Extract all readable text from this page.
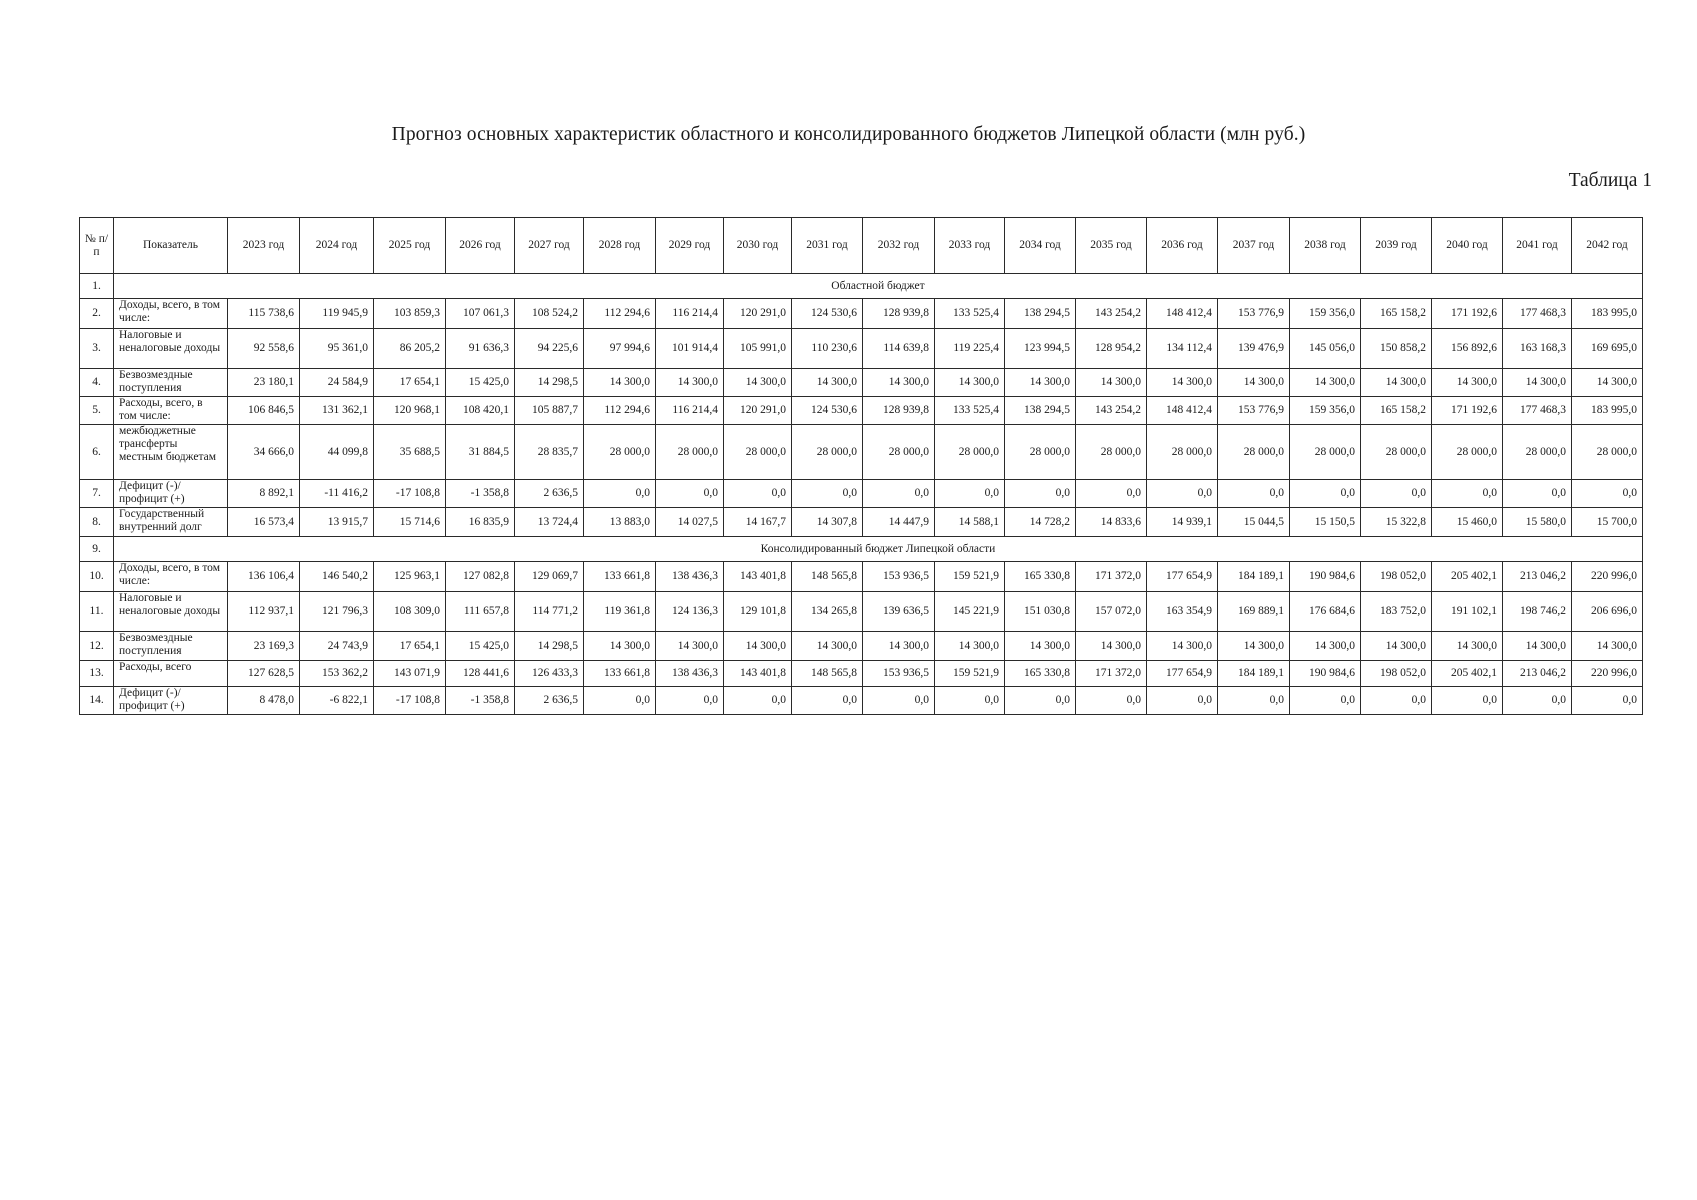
Прогноз основных характеристик областного и консолидированного бюджетов Липецкой области (млн руб.)
Таблица 1
№ п/п	Показатель	2023 год	2024 год	2025 год	2026 год	2027 год	2028 год	2029 год	2030 год	2031 год	2032 год	2033 год	2034 год	2035 год	2036 год	2037 год	2038 год	2039 год	2040 год	2041 год	2042 год
1.	Областной бюджет																				
2.	Доходы, всего, в том числе:	115 738,6	119 945,9	103 859,3	107 061,3	108 524,2	112 294,6	116 214,4	120 291,0	124 530,6	128 939,8	133 525,4	138 294,5	143 254,2	148 412,4	153 776,9	159 356,0	165 158,2	171 192,6	177 468,3	183 995,0
3.	Налоговые и неналоговые доходы	92 558,6	95 361,0	86 205,2	91 636,3	94 225,6	97 994,6	101 914,4	105 991,0	110 230,6	114 639,8	119 225,4	123 994,5	128 954,2	134 112,4	139 476,9	145 056,0	150 858,2	156 892,6	163 168,3	169 695,0
4.	Безвозмездные поступления	23 180,1	24 584,9	17 654,1	15 425,0	14 298,5	14 300,0	14 300,0	14 300,0	14 300,0	14 300,0	14 300,0	14 300,0	14 300,0	14 300,0	14 300,0	14 300,0	14 300,0	14 300,0	14 300,0	14 300,0
5.	Расходы, всего, в том числе:	106 846,5	131 362,1	120 968,1	108 420,1	105 887,7	112 294,6	116 214,4	120 291,0	124 530,6	128 939,8	133 525,4	138 294,5	143 254,2	148 412,4	153 776,9	159 356,0	165 158,2	171 192,6	177 468,3	183 995,0
6.	межбюджетные трансферты местным бюджетам	34 666,0	44 099,8	35 688,5	31 884,5	28 835,7	28 000,0	28 000,0	28 000,0	28 000,0	28 000,0	28 000,0	28 000,0	28 000,0	28 000,0	28 000,0	28 000,0	28 000,0	28 000,0	28 000,0	28 000,0
7.	Дефицит (-)/ профицит (+)	8 892,1	-11 416,2	-17 108,8	-1 358,8	2 636,5	0,0	0,0	0,0	0,0	0,0	0,0	0,0	0,0	0,0	0,0	0,0	0,0	0,0	0,0	0,0
8.	Государственный внутренний долг	16 573,4	13 915,7	15 714,6	16 835,9	13 724,4	13 883,0	14 027,5	14 167,7	14 307,8	14 447,9	14 588,1	14 728,2	14 833,6	14 939,1	15 044,5	15 150,5	15 322,8	15 460,0	15 580,0	15 700,0
9.	Консолидированный бюджет Липецкой области																				
10.	Доходы, всего, в том числе:	136 106,4	146 540,2	125 963,1	127 082,8	129 069,7	133 661,8	138 436,3	143 401,8	148 565,8	153 936,5	159 521,9	165 330,8	171 372,0	177 654,9	184 189,1	190 984,6	198 052,0	205 402,1	213 046,2	220 996,0
11.	Налоговые и неналоговые доходы	112 937,1	121 796,3	108 309,0	111 657,8	114 771,2	119 361,8	124 136,3	129 101,8	134 265,8	139 636,5	145 221,9	151 030,8	157 072,0	163 354,9	169 889,1	176 684,6	183 752,0	191 102,1	198 746,2	206 696,0
12.	Безвозмездные поступления	23 169,3	24 743,9	17 654,1	15 425,0	14 298,5	14 300,0	14 300,0	14 300,0	14 300,0	14 300,0	14 300,0	14 300,0	14 300,0	14 300,0	14 300,0	14 300,0	14 300,0	14 300,0	14 300,0	14 300,0
13.	Расходы, всего	127 628,5	153 362,2	143 071,9	128 441,6	126 433,3	133 661,8	138 436,3	143 401,8	148 565,8	153 936,5	159 521,9	165 330,8	171 372,0	177 654,9	184 189,1	190 984,6	198 052,0	205 402,1	213 046,2	220 996,0
14.	Дефицит (-)/ профицит (+)	8 478,0	-6 822,1	-17 108,8	-1 358,8	2 636,5	0,0	0,0	0,0	0,0	0,0	0,0	0,0	0,0	0,0	0,0	0,0	0,0	0,0	0,0	0,0
